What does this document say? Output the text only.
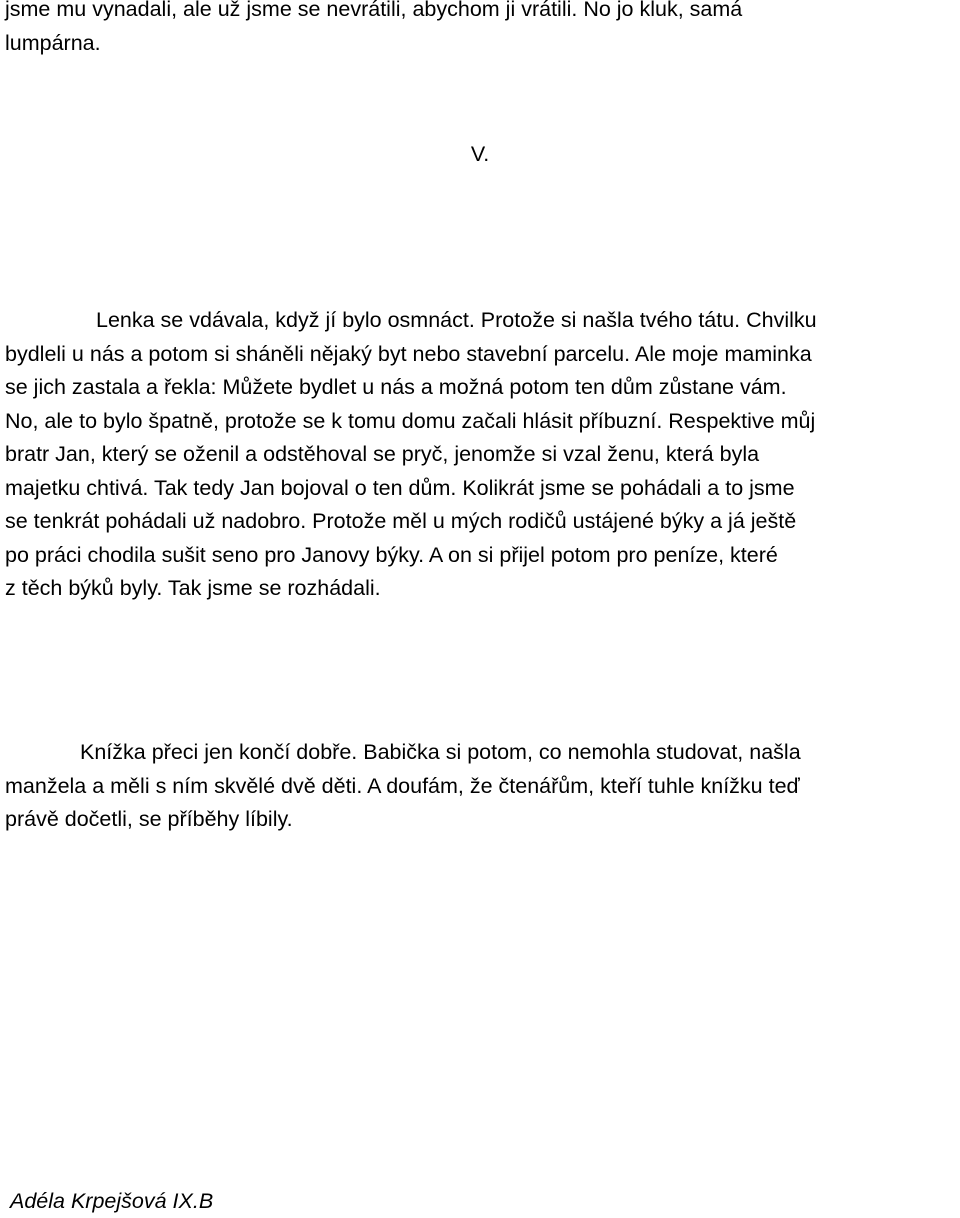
jsme mu vynadali, ale už jsme se nevrátili, abychom ji vrátili. No jo kluk, samá
lumpárna.

V.

Lenka se vdávala, když jí bylo osmnáct. Protože si našla tvého tátu. Chvilku
bydleli u nás a potom si sháněli nějaký byt nebo stavební parcelu. Ale moje maminka
se jich zastala a řekla: Můžete bydlet u nás a možná potom ten dům zůstane vám.
No, ale to bylo špatně, protože se k tomu domu začali hlásit příbuzní. Respektive můj
bratr Jan, který se oženil a odstěhoval se pryč, jenomže si vzal ženu, která byla
majetku chtivá. Tak tedy Jan bojoval o ten dům. Kolikrát jsme se pohádali a to jsme
se tenkrát pohádali už nadobro. Protože měl u mých rodičů ustájené býky a já ještě
po práci chodila sušit seno pro Janovy býky. A on si přijel potom pro peníze, které
z těch býků byly. Tak jsme se rozhádali.

Knížka přeci jen končí dobře. Babička si potom, co nemohla studovat, našla
manžela a měli s ním skvělé dvě děti. A doufám, že čtenářům, kteří tuhle knížku teď
právě dočetli, se příběhy líbily.

Adéla Krpejšová IX.B
